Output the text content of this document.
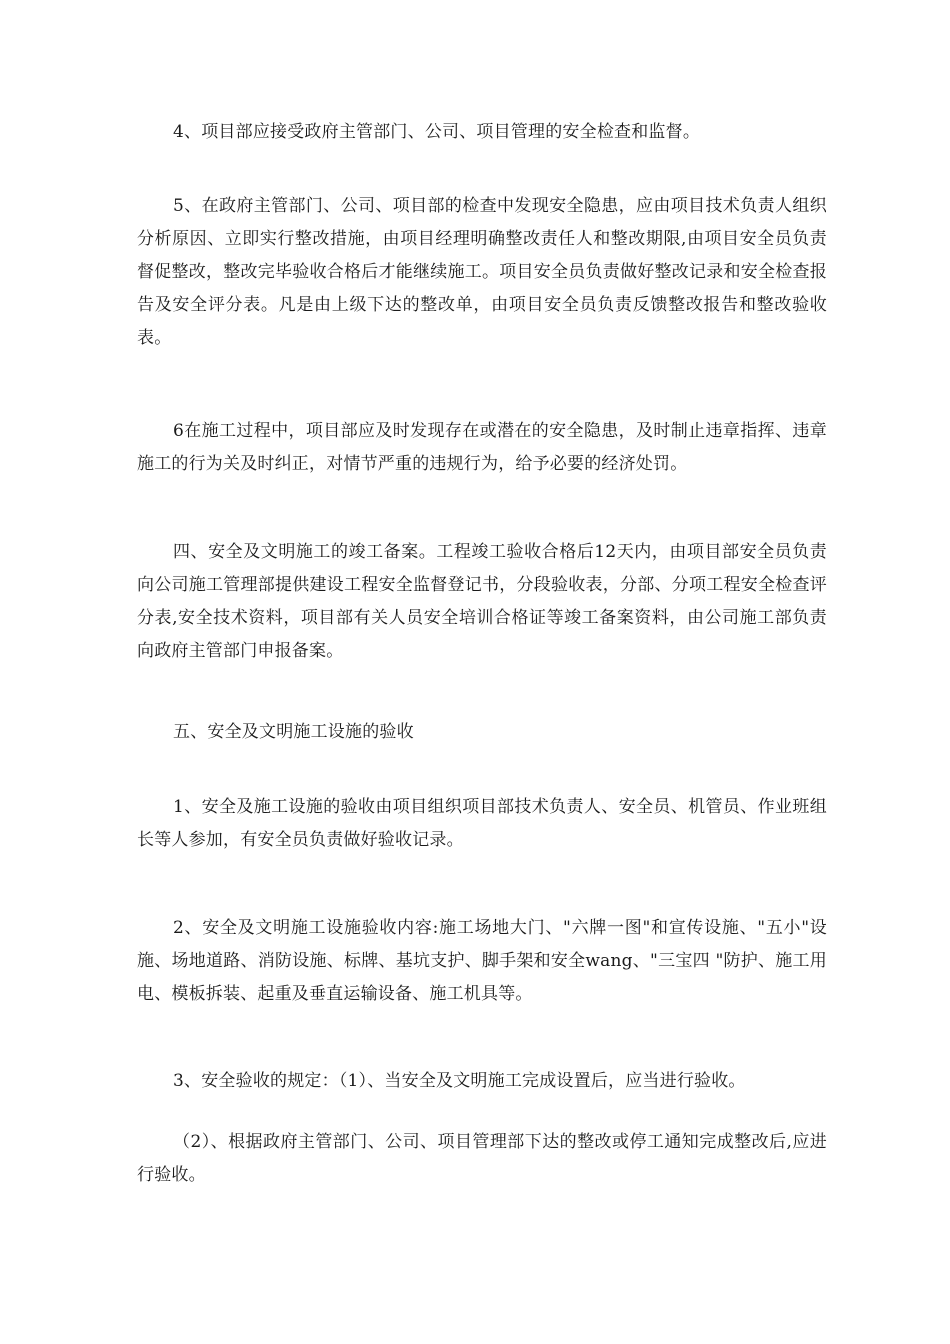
4、项目部应接受政府主管部门、公司、项目管理的安全检查和监督。

5、在政府主管部门、公司、项目部的检查中发现安全隐患，应由项目技术负责人组织分析原因、立即实行整改措施，由项目经理明确整改责任人和整改期限,由项目安全员负责督促整改，整改完毕验收合格后才能继续施工。项目安全员负责做好整改记录和安全检查报告及安全评分表。凡是由上级下达的整改单，由项目安全员负责反馈整改报告和整改验收表。

6在施工过程中，项目部应及时发现存在或潜在的安全隐患，及时制止违章指挥、违章施工的行为关及时纠正，对情节严重的违规行为，给予必要的经济处罚。

四、安全及文明施工的竣工备案。工程竣工验收合格后12天内，由项目部安全员负责向公司施工管理部提供建设工程安全监督登记书，分段验收表，分部、分项工程安全检查评分表,安全技术资料，项目部有关人员安全培训合格证等竣工备案资料，由公司施工部负责向政府主管部门申报备案。

五、安全及文明施工设施的验收

1、安全及施工设施的验收由项目组织项目部技术负责人、安全员、机管员、作业班组长等人参加，有安全员负责做好验收记录。

2、安全及文明施工设施验收内容:施工场地大门、"六牌一图"和宣传设施、"五小"设施、场地道路、消防设施、标牌、基坑支护、脚手架和安全wang、"三宝四 "防护、施工用电、模板拆装、起重及垂直运输设备、施工机具等。

3、安全验收的规定：（1）、当安全及文明施工完成设置后，应当进行验收。

（2）、根据政府主管部门、公司、项目管理部下达的整改或停工通知完成整改后,应进行验收。
